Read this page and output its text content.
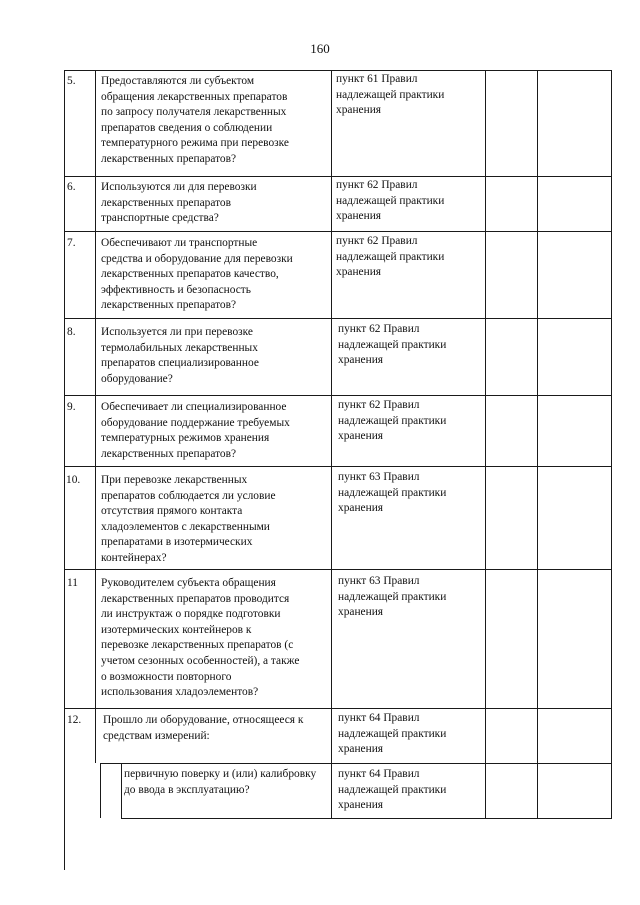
160
5. Предоставляются ли субъектом
обращения лекарственных препаратов
по запросу получателя лекарственных
препаратов сведения о соблюдении
температурного режима при перевозке
лекарственных препаратов?
пункт 61 Правил
надлежащей практики
хранения
6. Используются ли для перевозки
лекарственных препаратов
транспортные средства?
пункт 62 Правил
надлежащей практики
хранения
7. Обеспечивают ли транспортные
средства и оборудование для перевозки
лекарственных препаратов качество,
эффективность и безопасность
лекарственных препаратов?
пункт 62 Правил
надлежащей практики
хранения
8. Используется ли при перевозке
термолабильных лекарственных
препаратов специализированное
оборудование?
пункт 62 Правил
надлежащей практики
хранения
9. Обеспечивает ли специализированное
оборудование поддержание требуемых
температурных режимов хранения
лекарственных препаратов?
пункт 62 Правил
надлежащей практики
хранения
10. При перевозке лекарственных
препаратов соблюдается ли условие
отсутствия прямого контакта
хладоэлементов с лекарственными
препаратами в изотермических
контейнерах?
пункт 63 Правил
надлежащей практики
хранения
11 Руководителем субъекта обращения
лекарственных препаратов проводится
ли инструктаж о порядке подготовки
изотермических контейнеров к
перевозке лекарственных препаратов (с
учетом сезонных особенностей), а также
о возможности повторного
использования хладоэлементов?
пункт 63 Правил
надлежащей практики
хранения
12. Прошло ли оборудование, относящееся к
средствам измерений:
пункт 64 Правил
надлежащей практики
хранения
первичную поверку и (или) калибровку
до ввода в эксплуатацию?
пункт 64 Правил
надлежащей практики
хранения
